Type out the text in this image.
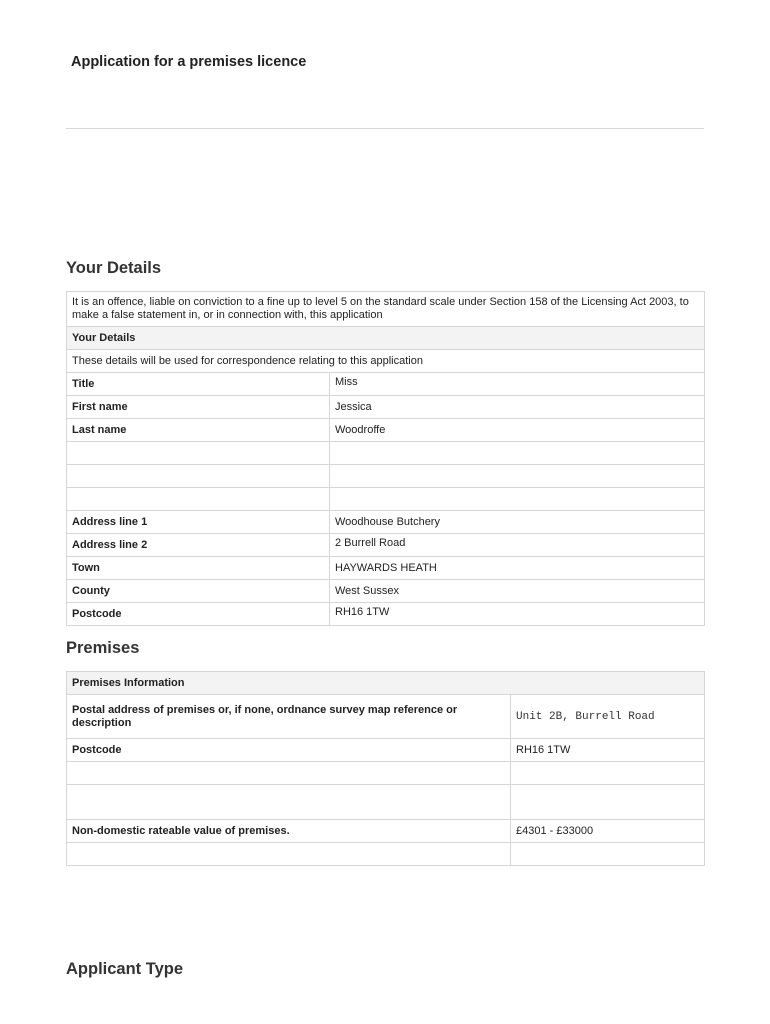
Application for a premises licence
Your Details
It is an offence, liable on conviction to a fine up to level 5 on the standard scale under Section 158 of the Licensing Act 2003, to make a false statement in, or in connection with, this application	
Your Details	
These details will be used for correspondence relating to this application	
Title	Miss
First name	Jessica
Last name	Woodroffe

Address line 1	Woodhouse Butchery
Address line 2	2 Burrell Road
Town	HAYWARDS HEATH
County	West Sussex
Postcode	RH16 1TW
Premises
Premises Information	
Postal address of premises or, if none, ordnance survey map reference or description	Unit 2B, Burrell Road
Postcode	RH16 1TW

Non-domestic rateable value of premises.	£4301 - £33000

Applicant Type
